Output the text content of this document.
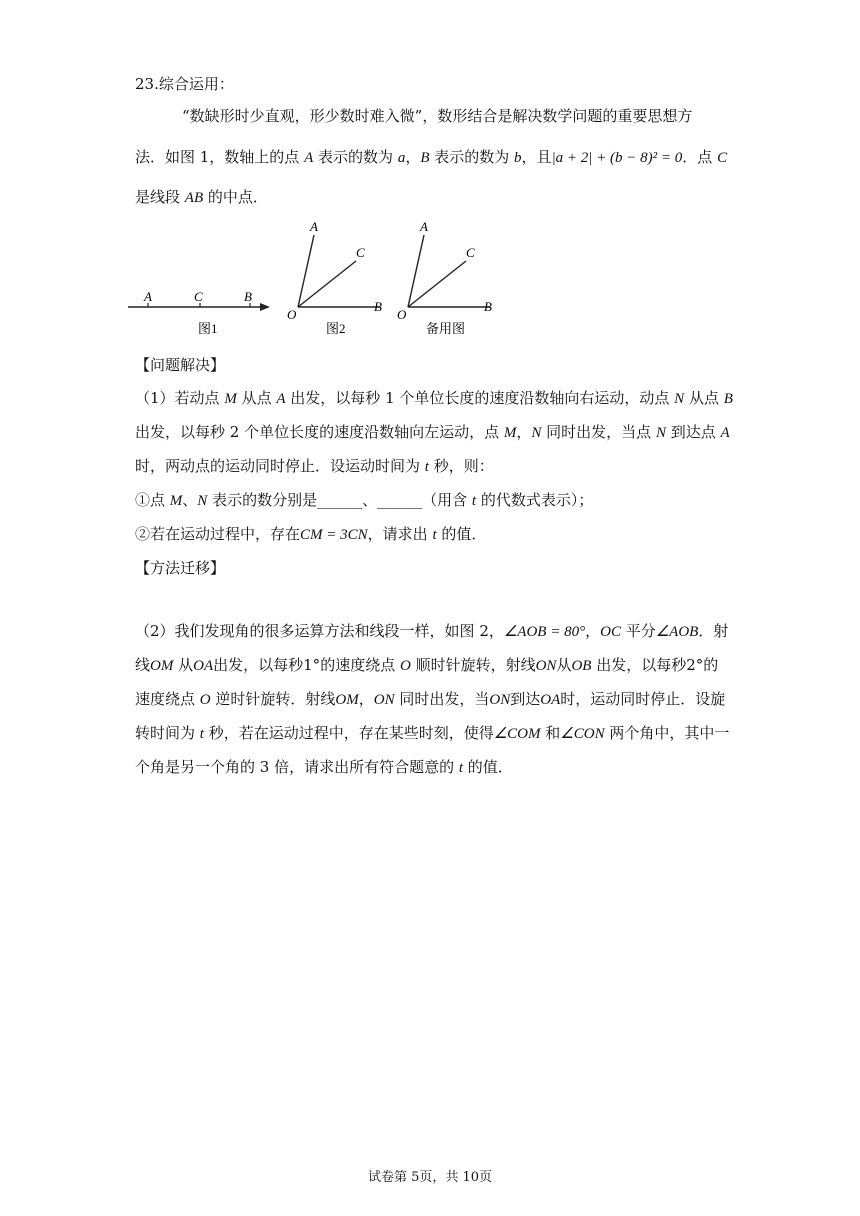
23.综合运用：
“数缺形时少直观，形少数时难入微”，数形结合是解决数学问题的重要思想方
法．如图 1，数轴上的点 A 表示的数为 a，B 表示的数为 b，且|a + 2| + (b − 8)² = 0．点 C
是线段 AB 的中点．
A	C	B
图1
A
C
B
O
图2
A
C
B
O
备用图
【问题解决】
（1）若动点 M 从点 A 出发，以每秒 1 个单位长度的速度沿数轴向右运动，动点 N 从点 B
出发，以每秒 2 个单位长度的速度沿数轴向左运动，点 M，N 同时出发，当点 N 到达点 A
时，两动点的运动同时停止．设运动时间为 t 秒，则：
①点 M、N 表示的数分别是______、______（用含 t 的代数式表示）；
②若在运动过程中，存在CM = 3CN，请求出 t 的值．
【方法迁移】
（2）我们发现角的很多运算方法和线段一样，如图 2，∠AOB = 80°，OC 平分∠AOB．射
线OM 从OA出发，以每秒1°的速度绕点 O 顺时针旋转，射线ON从OB 出发，以每秒2°的
速度绕点 O 逆时针旋转．射线OM，ON 同时出发，当ON到达OA时，运动同时停止．设旋
转时间为 t 秒，若在运动过程中，存在某些时刻，使得∠COM 和∠CON 两个角中，其中一
个角是另一个角的 3 倍，请求出所有符合题意的 t 的值．
试卷第 5页，共 10页
